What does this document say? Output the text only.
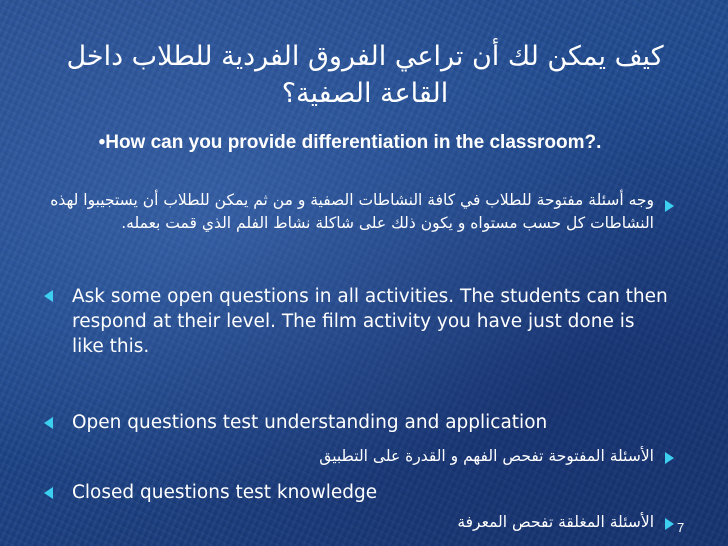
كيف يمكن لك أن تراعي الفروق الفردية للطلاب داخل القاعة الصفية؟
•How can you provide differentiation in the classroom?.
وجه أسئلة مفتوحة للطلاب في كافة النشاطات الصفية و من ثم يمكن للطلاب أن يستجيبوا لهذه النشاطات كل حسب مستواه و يكون ذلك على شاكلة نشاط الفلم الذي قمت بعمله.
Ask some open questions in all activities. The students can then respond at their level. The film activity you have just done is like this.
Open questions test understanding and application
الأسئلة المفتوحة تفحص الفهم و القدرة على التطبيق
Closed questions test knowledge
الأسئلة المغلقة تفحص المعرفة 7
